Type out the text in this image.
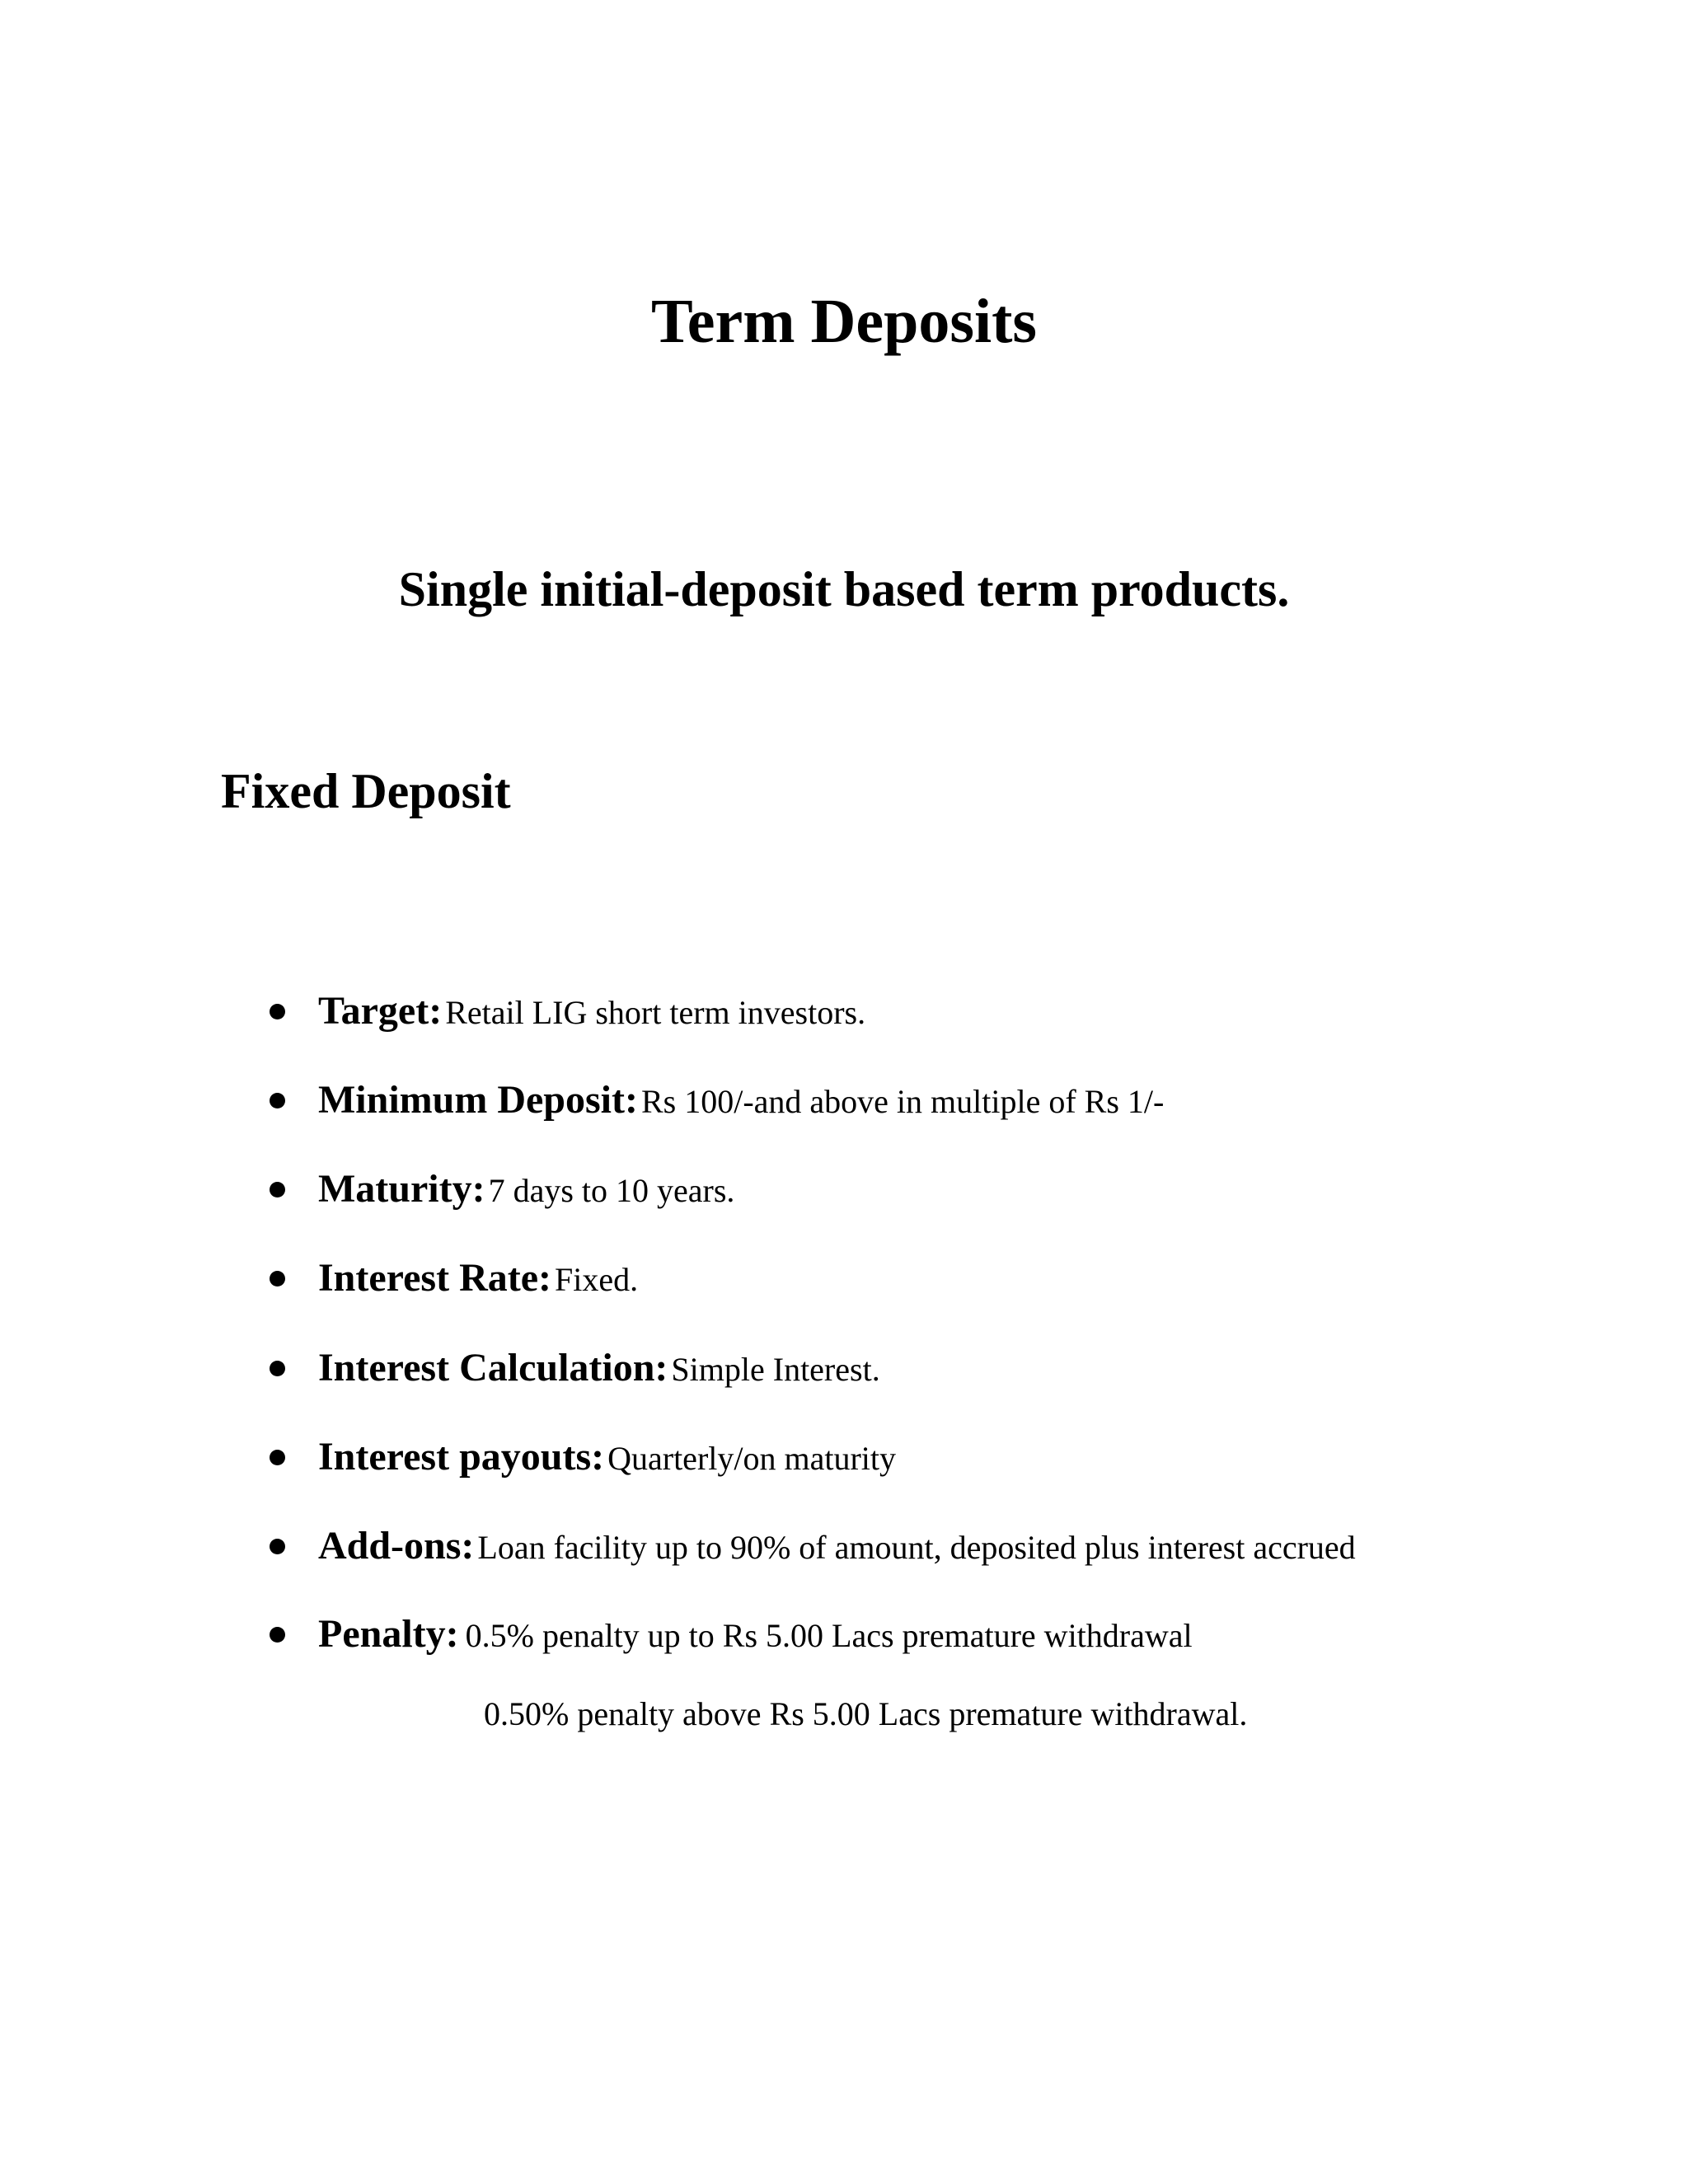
Term Deposits
Single initial-deposit based term products.
Fixed Deposit
Target: Retail LIG short term investors.
Minimum Deposit: Rs 100/-and above in multiple of Rs 1/-
Maturity: 7 days to 10 years.
Interest Rate: Fixed.
Interest Calculation: Simple Interest.
Interest payouts: Quarterly/on maturity
Add-ons: Loan facility up to 90% of amount, deposited plus interest accrued
Penalty: 0.5% penalty up to Rs 5.00 Lacs premature withdrawal

0.50% penalty above Rs 5.00 Lacs premature withdrawal.
